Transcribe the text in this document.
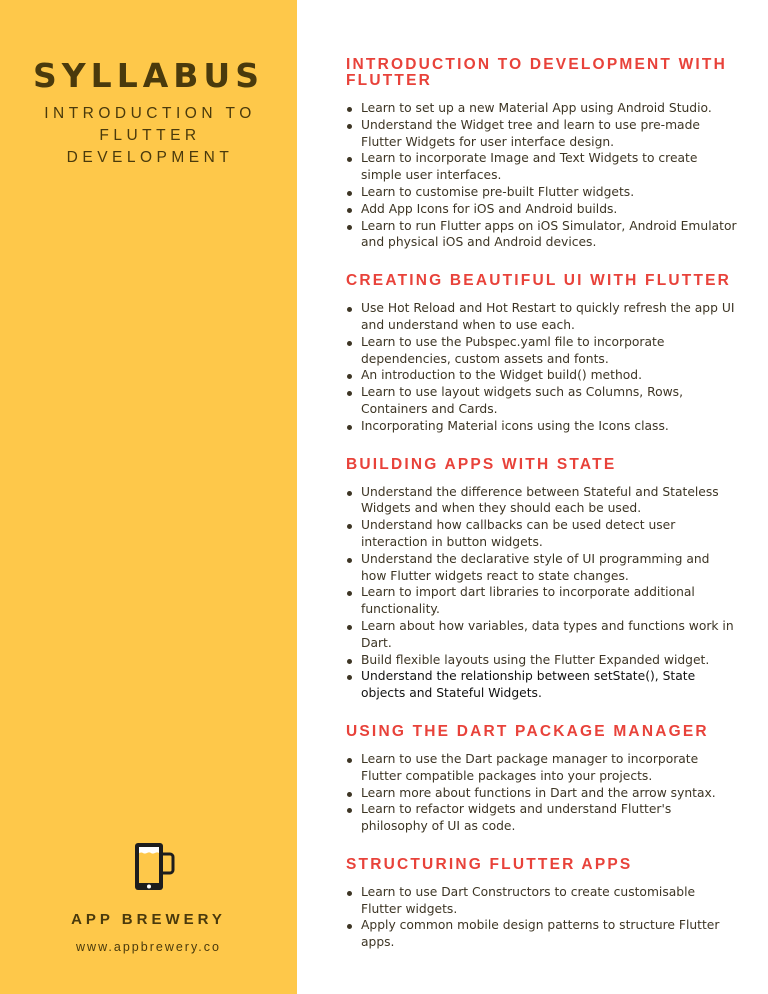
SYLLABUS
INTRODUCTION TO FLUTTER DEVELOPMENT
APP BREWERY
www.appbrewery.co
INTRODUCTION TO DEVELOPMENT WITH FLUTTER
Learn to set up a new Material App using Android Studio.
Understand the Widget tree and learn to use pre-made Flutter Widgets for user interface design.
Learn to incorporate Image and Text Widgets to create simple user interfaces.
Learn to customise pre-built Flutter widgets.
Add App Icons for iOS and Android builds.
Learn to run Flutter apps on iOS Simulator, Android Emulator and physical iOS and Android devices.
CREATING BEAUTIFUL UI WITH FLUTTER
Use Hot Reload and Hot Restart to quickly refresh the app UI and understand when to use each.
Learn to use the Pubspec.yaml file to incorporate dependencies, custom assets and fonts.
An introduction to the Widget build() method.
Learn to use layout widgets such as Columns, Rows, Containers and Cards.
Incorporating Material icons using the Icons class.
BUILDING APPS WITH STATE
Understand the difference between Stateful and Stateless Widgets and when they should each be used.
Understand how callbacks can be used detect user interaction in button widgets.
Understand the declarative style of UI programming and how Flutter widgets react to state changes.
Learn to import dart libraries to incorporate additional functionality.
Learn about how variables, data types and functions work in Dart.
Build flexible layouts using the Flutter Expanded widget.
Understand the relationship between setState(), State objects and Stateful Widgets.
USING THE DART PACKAGE MANAGER
Learn to use the Dart package manager to incorporate Flutter compatible packages into your projects.
Learn more about functions in Dart and the arrow syntax.
Learn to refactor widgets and understand Flutter's philosophy of UI as code.
STRUCTURING FLUTTER APPS
Learn to use Dart Constructors to create customisable Flutter widgets.
Apply common mobile design patterns to structure Flutter apps.
